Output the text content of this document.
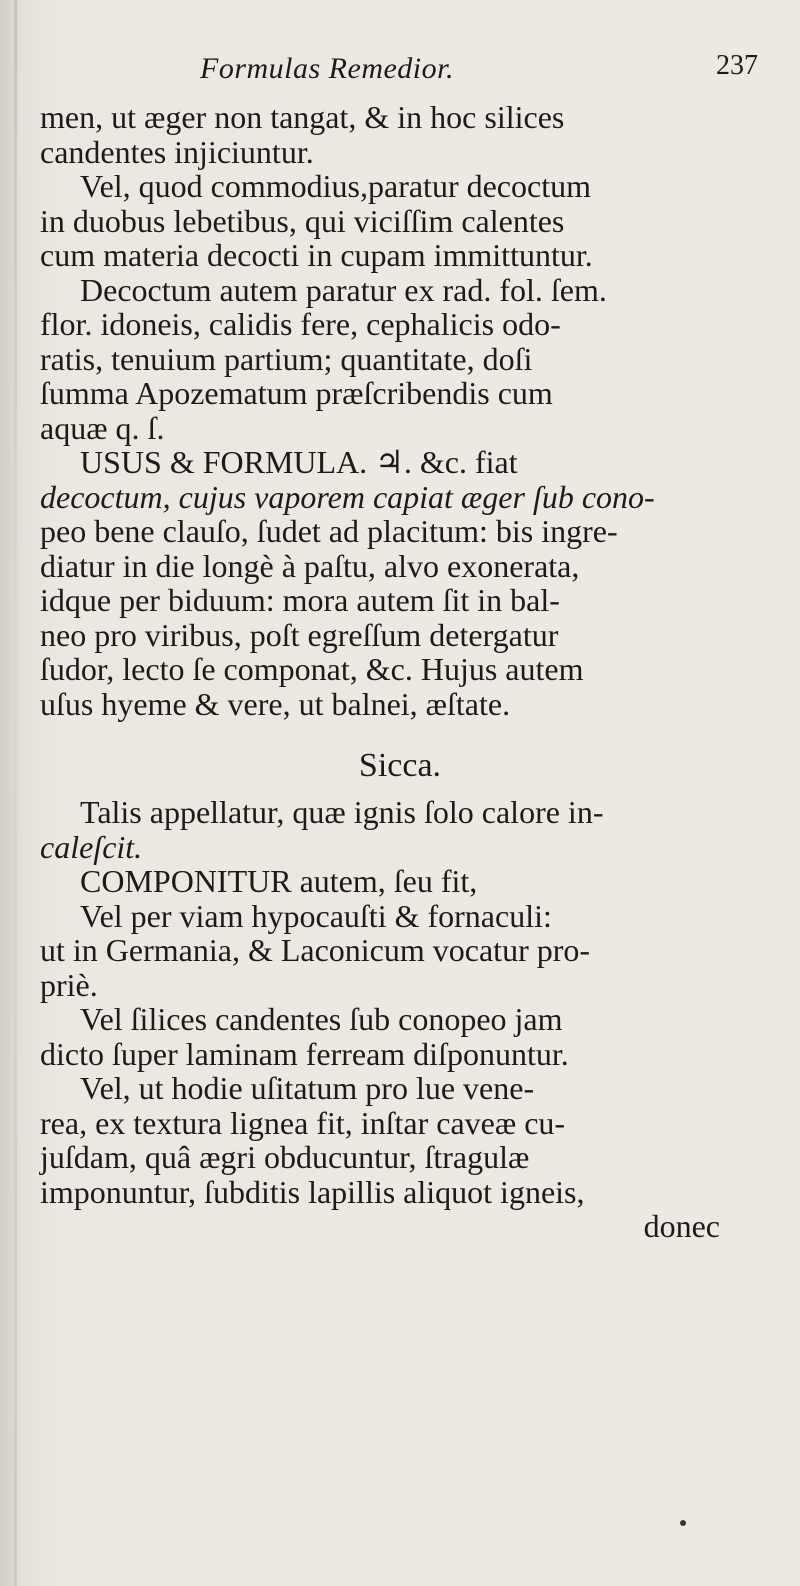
Formulas Remedior.	237
men, ut æger non tangat, & in hoc silices
candentes injiciuntur.
Vel, quod commodius,paratur decoctum
in duobus lebetibus, qui viciſſim calentes
cum materia decocti in cupam immittuntur.
Decoctum autem paratur ex rad. fol. ſem.
flor. idoneis, calidis fere, cephalicis odo-
ratis, tenuium partium; quantitate, doſi
ſumma Apozematum præſcribendis cum
aquæ q. ſ.
USUS & FORMULA. ♃. &c. fiat
decoctum, cujus vaporem capiat æger ſub cono-
peo bene clauſo, ſudet ad placitum: bis ingre-
diatur in die longè à paſtu, alvo exonerata,
idque per biduum: mora autem ſit in bal-
neo pro viribus, poſt egreſſum detergatur
ſudor, lecto ſe componat, &c. Hujus autem
uſus hyeme & vere, ut balnei, æſtate.
Sicca.
Talis appellatur, quæ ignis ſolo calore in-
caleſcit.
COMPONITUR autem, ſeu fit,
Vel per viam hypocauſti & fornaculi:
ut in Germania, & Laconicum vocatur pro-
priè.
Vel ſilices candentes ſub conopeo jam
dicto ſuper laminam ferream diſponuntur.
Vel, ut hodie uſitatum pro lue vene-
rea, ex textura lignea fit, inſtar caveæ cu-
juſdam, quâ ægri obducuntur, ſtragulæ
imponuntur, ſubditis lapillis aliquot igneis,
donec
